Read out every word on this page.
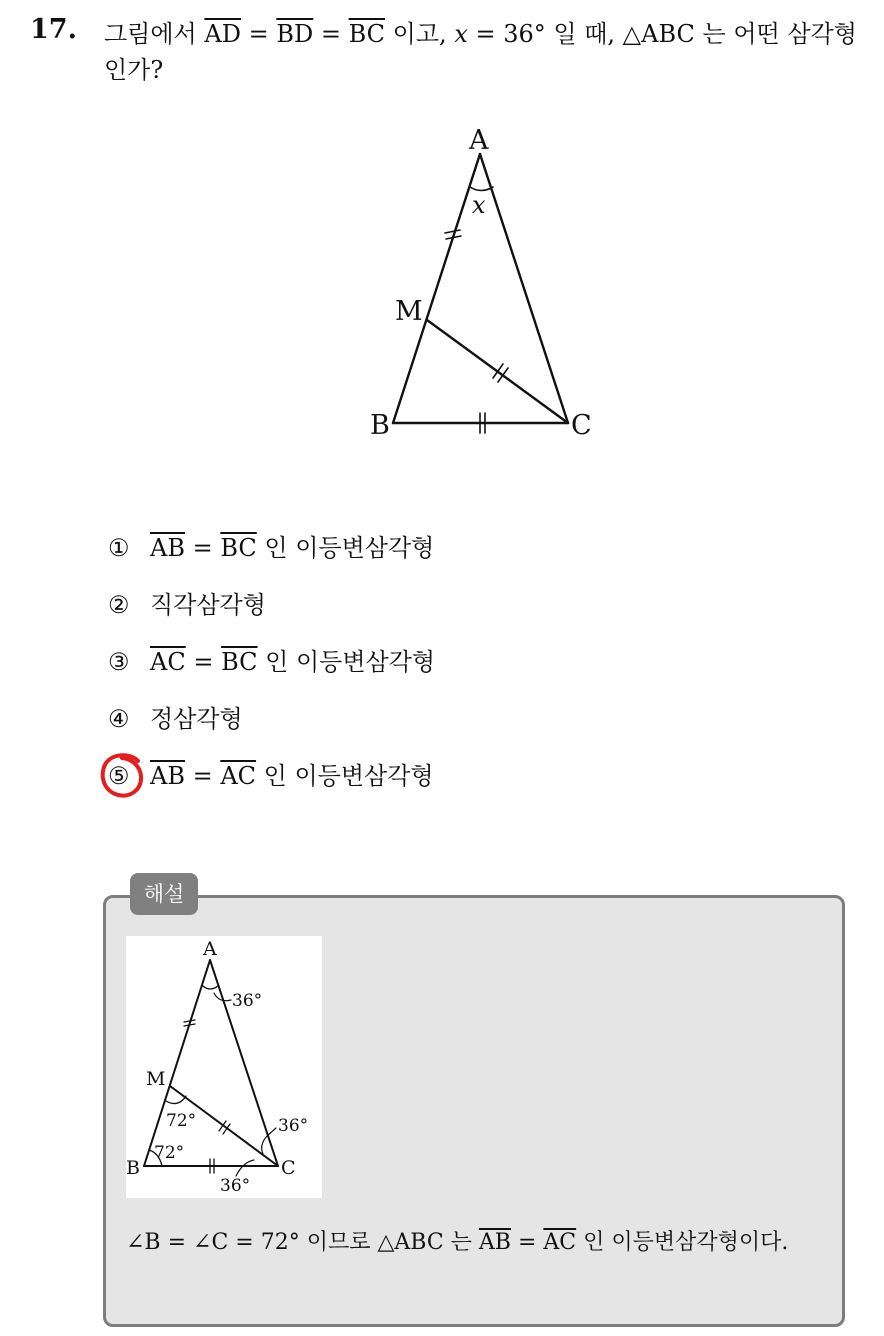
17. 그림에서 $\overline{AD} = \overline{BD} = \overline{BC}$ 이고, x = 36° 일 때, △ABC 는 어떤 삼각형인가?
A
B	C
M
x
① $\overline{AB} = \overline{BC}$ 인 이등변삼각형
② 직각삼각형
③ $\overline{AC} = \overline{BC}$ 인 이등변삼각형
④ 정삼각형
⑤ $\overline{AB} = \overline{AC}$ 인 이등변삼각형
해설
A
B	C
M
36°
72°
72°
36°
36°
∠B = ∠C = 72° 이므로 △ABC 는 $\overline{AB} = \overline{AC}$ 인 이등변삼각형이다.
